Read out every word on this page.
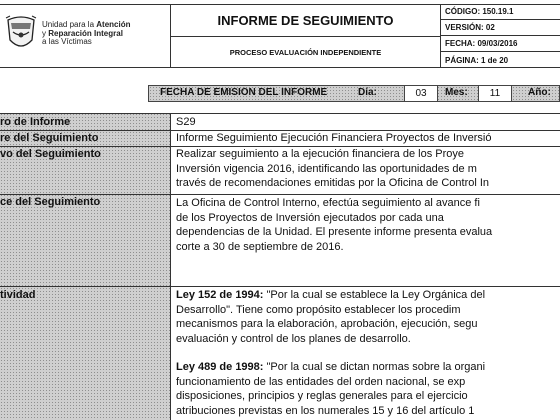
Unidad para la Atención
y Reparación Integral
a las Víctimas
INFORME DE SEGUIMIENTO
PROCESO EVALUACIÓN INDEPENDIENTE
CÓDIGO: 150.19.1
VERSIÓN: 02
FECHA: 09/03/2016
PÁGINA: 1 de 20
FECHA DE EMISIÓN DEL INFORME	Día:	03	Mes:	11	Año:
ro de Informe	S29
re del Seguimiento	Informe Seguimiento Ejecución Financiera Proyectos de Inversió
vo del Seguimiento	Realizar seguimiento a la ejecución financiera de los Proye
Inversión vigencia 2016, identificando las oportunidades de m
través de recomendaciones emitidas por la Oficina de Control In
ce del Seguimiento	La Oficina de Control Interno, efectúa seguimiento al avance fi
de los Proyectos de Inversión ejecutados por cada una
dependencias de la Unidad. El presente informe presenta evalua
corte a 30 de septiembre de 2016.
tividad	Ley 152 de 1994: "Por la cual se establece la Ley Orgánica del
Desarrollo". Tiene como propósito establecer los procedim
mecanismos para la elaboración, aprobación, ejecución, segu
evaluación y control de los planes de desarrollo.
Ley 489 de 1998: "Por la cual se dictan normas sobre la organi
funcionamiento de las entidades del orden nacional, se exp
disposiciones, principios y reglas generales para el ejercicio
atribuciones previstas en los numerales 15 y 16 del artículo 1
